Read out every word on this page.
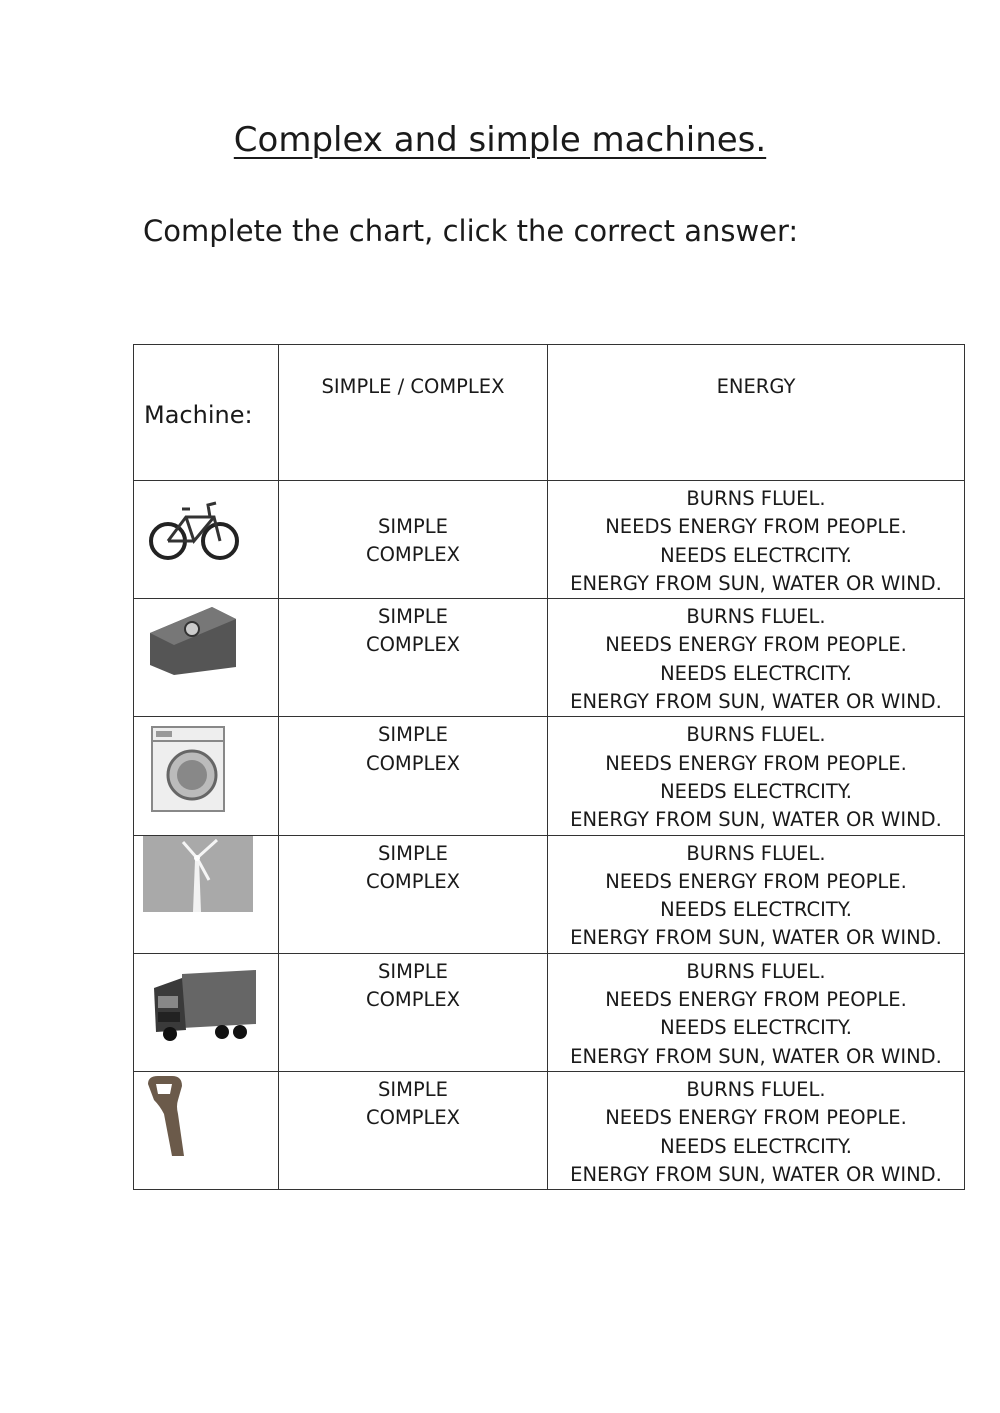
Complex and simple machines.
Complete the chart, click the correct answer:
Machine:	SIMPLE / COMPLEX	ENERGY

SIMPLE
COMPLEX	BURNS FLUEL.
NEEDS ENERGY FROM PEOPLE.
NEEDS ELECTRCITY.
ENERGY FROM SUN, WATER OR WIND.

SIMPLE
COMPLEX	BURNS FLUEL.
NEEDS ENERGY FROM PEOPLE.
NEEDS ELECTRCITY.
ENERGY FROM SUN, WATER OR WIND.

SIMPLE
COMPLEX	BURNS FLUEL.
NEEDS ENERGY FROM PEOPLE.
NEEDS ELECTRCITY.
ENERGY FROM SUN, WATER OR WIND.

SIMPLE
COMPLEX	BURNS FLUEL.
NEEDS ENERGY FROM PEOPLE.
NEEDS ELECTRCITY.
ENERGY FROM SUN, WATER OR WIND.

SIMPLE
COMPLEX	BURNS FLUEL.
NEEDS ENERGY FROM PEOPLE.
NEEDS ELECTRCITY.
ENERGY FROM SUN, WATER OR WIND.

SIMPLE
COMPLEX	BURNS FLUEL.
NEEDS ENERGY FROM PEOPLE.
NEEDS ELECTRCITY.
ENERGY FROM SUN, WATER OR WIND.
